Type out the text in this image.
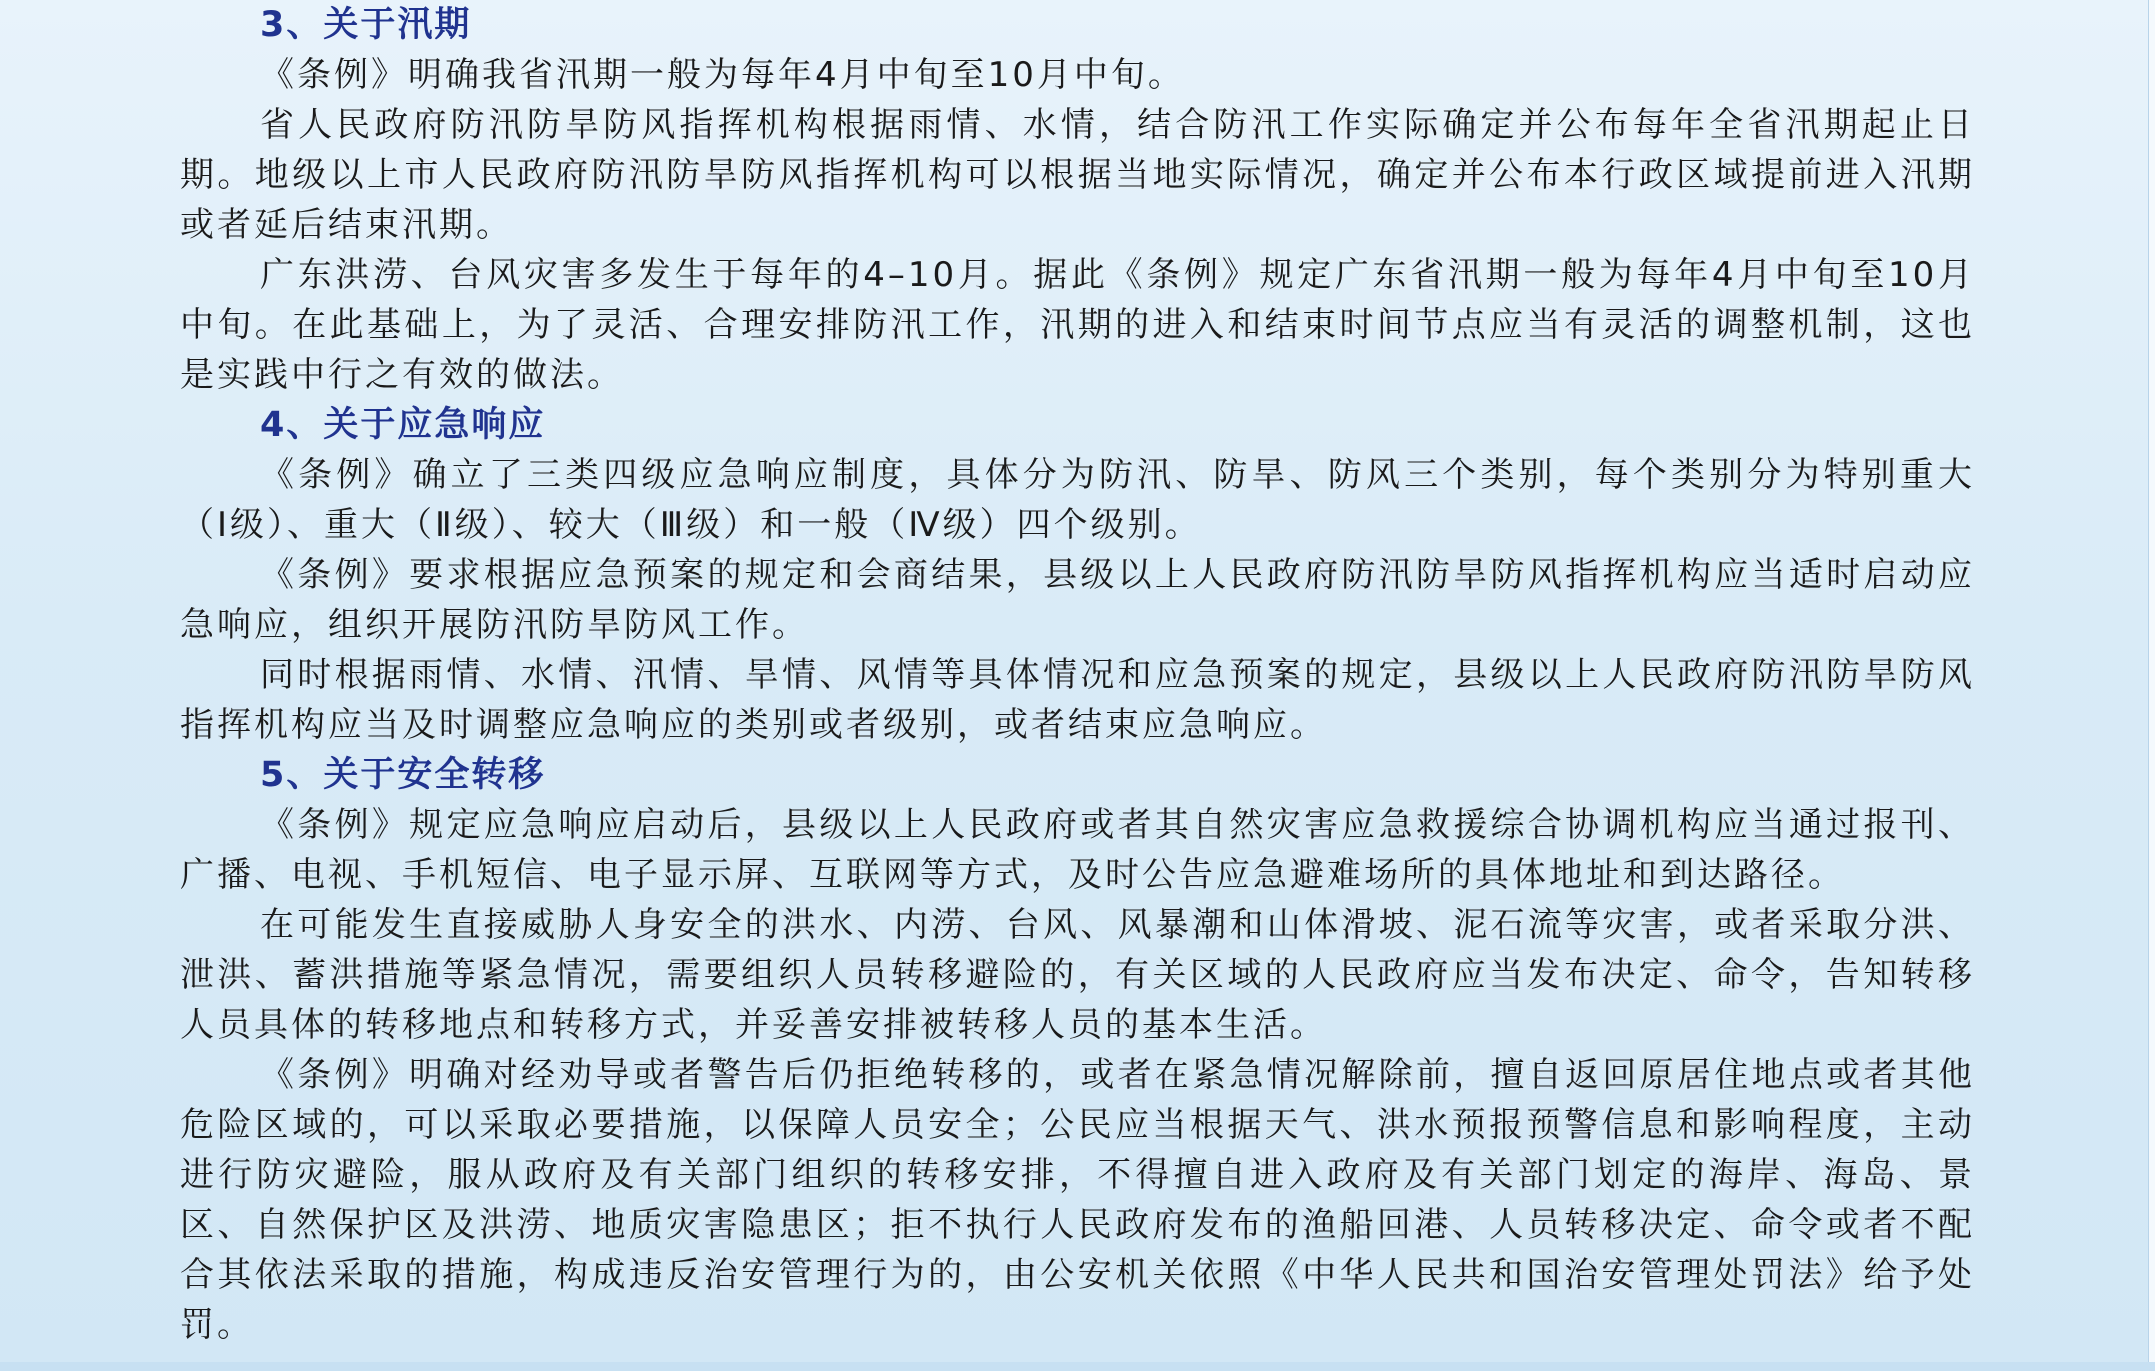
3、关于汛期

《条例》明确我省汛期一般为每年4月中旬至10月中旬。

省人民政府防汛防旱防风指挥机构根据雨情、水情，结合防汛工作实际确定并公布每年全省汛期起止日期。地级以上市人民政府防汛防旱防风指挥机构可以根据当地实际情况，确定并公布本行政区域提前进入汛期或者延后结束汛期。

广东洪涝、台风灾害多发生于每年的4–10月。据此《条例》规定广东省汛期一般为每年4月中旬至10月中旬。在此基础上，为了灵活、合理安排防汛工作，汛期的进入和结束时间节点应当有灵活的调整机制，这也是实践中行之有效的做法。

4、关于应急响应

《条例》确立了三类四级应急响应制度，具体分为防汛、防旱、防风三个类别，每个类别分为特别重大（Ⅰ级）、重大（Ⅱ级）、较大（Ⅲ级）和一般（Ⅳ级）四个级别。

《条例》要求根据应急预案的规定和会商结果，县级以上人民政府防汛防旱防风指挥机构应当适时启动应急响应，组织开展防汛防旱防风工作。

同时根据雨情、水情、汛情、旱情、风情等具体情况和应急预案的规定，县级以上人民政府防汛防旱防风指挥机构应当及时调整应急响应的类别或者级别，或者结束应急响应。

5、关于安全转移

《条例》规定应急响应启动后，县级以上人民政府或者其自然灾害应急救援综合协调机构应当通过报刊、广播、电视、手机短信、电子显示屏、互联网等方式，及时公告应急避难场所的具体地址和到达路径。

在可能发生直接威胁人身安全的洪水、内涝、台风、风暴潮和山体滑坡、泥石流等灾害，或者采取分洪、泄洪、蓄洪措施等紧急情况，需要组织人员转移避险的，有关区域的人民政府应当发布决定、命令，告知转移人员具体的转移地点和转移方式，并妥善安排被转移人员的基本生活。

《条例》明确对经劝导或者警告后仍拒绝转移的，或者在紧急情况解除前，擅自返回原居住地点或者其他危险区域的，可以采取必要措施，以保障人员安全；公民应当根据天气、洪水预报预警信息和影响程度，主动进行防灾避险，服从政府及有关部门组织的转移安排，不得擅自进入政府及有关部门划定的海岸、海岛、景区、自然保护区及洪涝、地质灾害隐患区；拒不执行人民政府发布的渔船回港、人员转移决定、命令或者不配合其依法采取的措施，构成违反治安管理行为的，由公安机关依照《中华人民共和国治安管理处罚法》给予处罚。
